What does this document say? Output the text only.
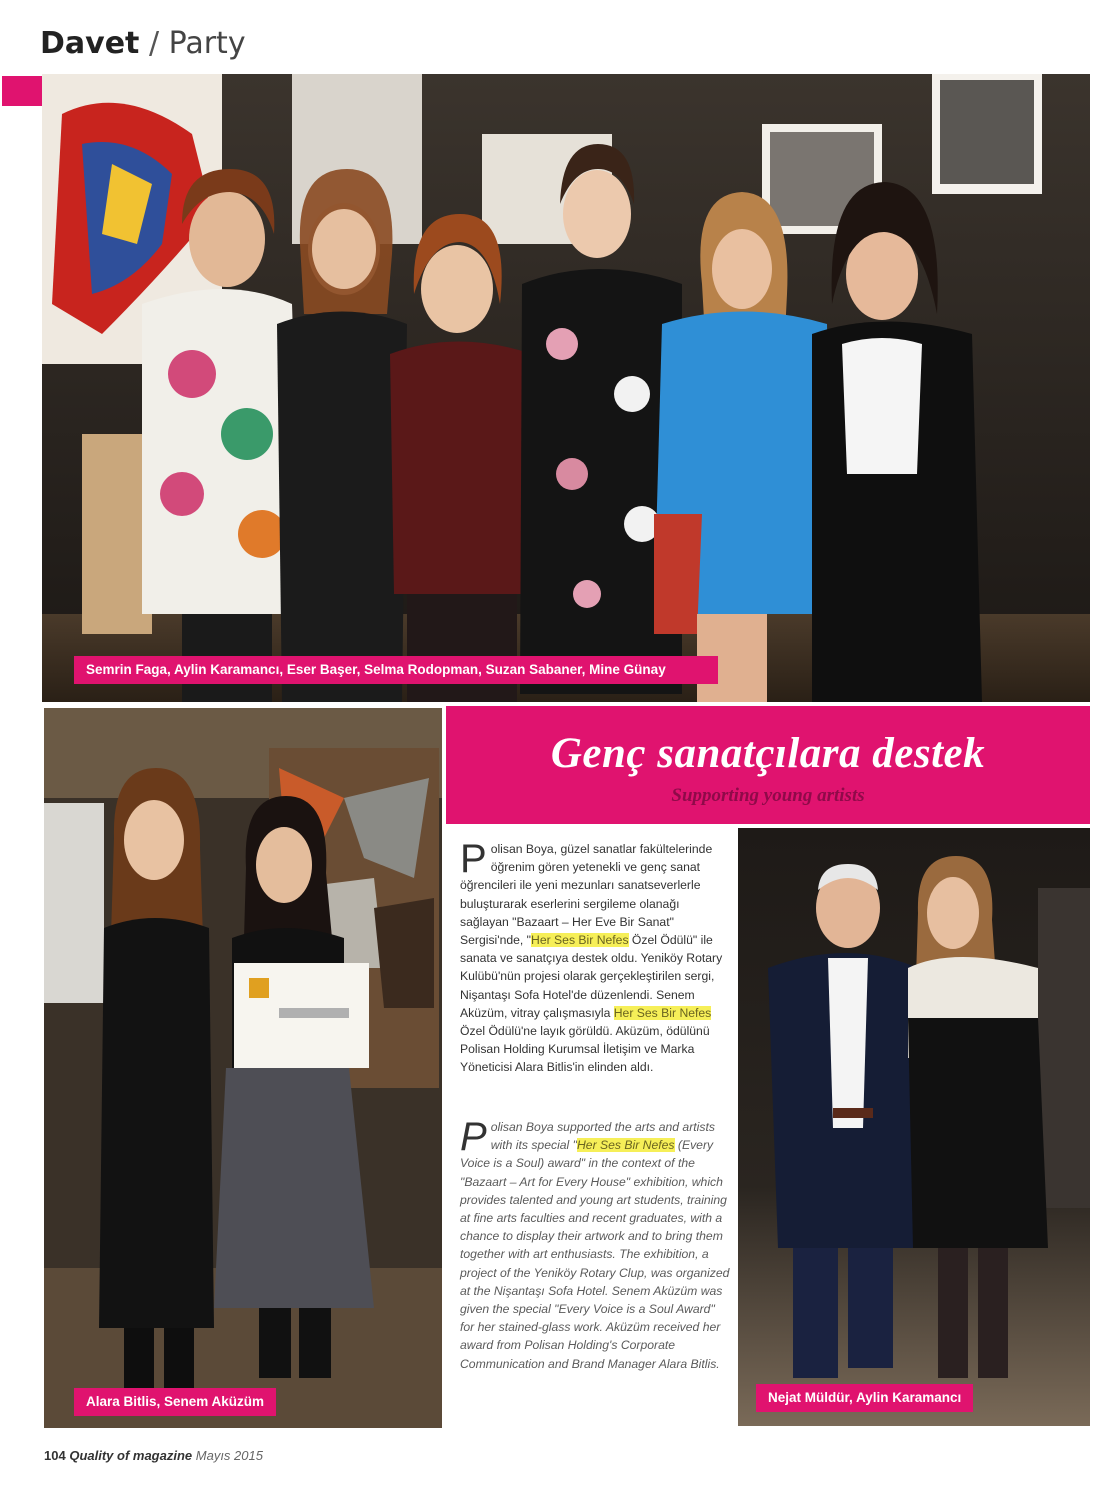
Davet / Party
Semrin Faga, Aylin Karamancı, Eser Başer, Selma Rodopman, Suzan Sabaner, Mine Günay
Alara Bitlis, Senem Aküzüm
Genç sanatçılara destek
Supporting young artists
Polisan Boya, güzel sanatlar fakültelerinde öğrenim gören yetenekli ve genç sanat öğrencileri ile yeni mezunları sanatseverlerle buluşturarak eserlerini sergileme olanağı sağlayan "Bazaart – Her Eve Bir Sanat" Sergisi'nde, "Her Ses Bir Nefes Özel Ödülü" ile sanata ve sanatçıya destek oldu. Yeniköy Rotary Kulübü'nün projesi olarak gerçekleştirilen sergi, Nişantaşı Sofa Hotel'de düzenlendi. Senem Aküzüm, vitray çalışmasıyla Her Ses Bir Nefes Özel Ödülü'ne layık görüldü. Aküzüm, ödülünü Polisan Holding Kurumsal İletişim ve Marka Yöneticisi Alara Bitlis'in elinden aldı.
Polisan Boya supported the arts and artists with its special "Her Ses Bir Nefes (Every Voice is a Soul) award" in the context of the "Bazaart – Art for Every House" exhibition, which provides talented and young art students, training at fine arts faculties and recent graduates, with a chance to display their artwork and to bring them together with art enthusiasts. The exhibition, a project of the Yeniköy Rotary Clup, was organized at the Nişantaşı Sofa Hotel. Senem Aküzüm was given the special "Every Voice is a Soul Award" for her stained-glass work. Aküzüm received her award from Polisan Holding's Corporate Communication and Brand Manager Alara Bitlis.
Nejat Müldür, Aylin Karamancı
104 Quality of magazine Mayıs 2015
